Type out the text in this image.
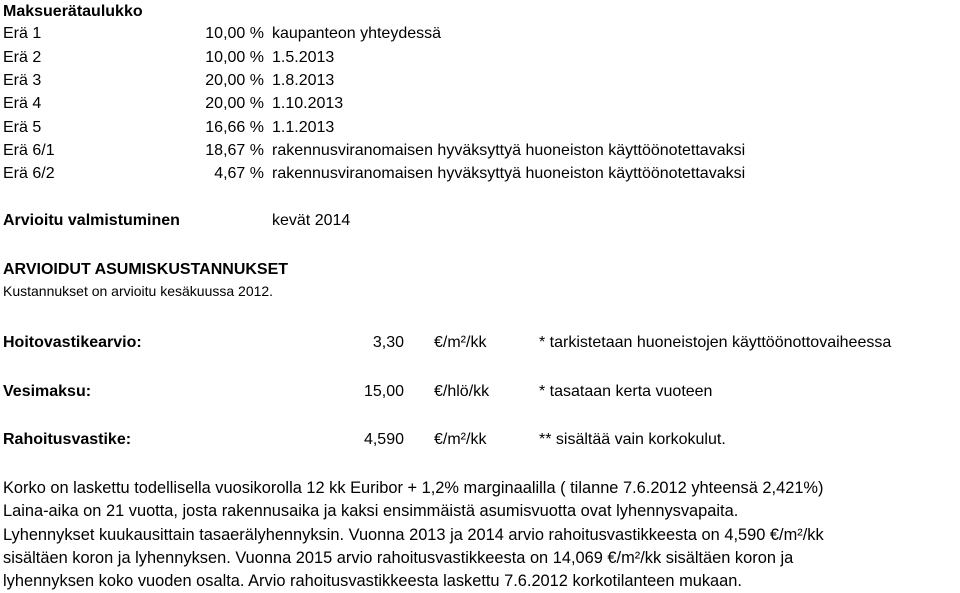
Maksuerätaulukko
Erä 1	10,00 % kaupanteon yhteydessä
Erä 2	10,00 % 1.5.2013
Erä 3	20,00 % 1.8.2013
Erä 4	20,00 % 1.10.2013
Erä 5	16,66 % 1.1.2013
Erä 6/1	18,67 % rakennusviranomaisen hyväksyttyä huoneiston käyttöönotettavaksi
Erä 6/2	4,67 % rakennusviranomaisen hyväksyttyä huoneiston käyttöönotettavaksi
Arvioitu valmistuminen	kevät 2014
ARVIOIDUT ASUMISKUSTANNUKSET
Kustannukset on arvioitu kesäkuussa 2012.
Hoitovastikearvio:	3,30 €/m²/kk	* tarkistetaan huoneistojen käyttöönottovaiheessa
Vesimaksu:	15,00 €/hlö/kk	* tasataan kerta vuoteen
Rahoitusvastike:	4,590 €/m²/kk	** sisältää vain korkokulut.
Korko on laskettu todellisella vuosikorolla 12 kk Euribor + 1,2% marginaalilla ( tilanne 7.6.2012 yhteensä 2,421%)
Laina-aika on 21 vuotta, josta rakennusaika ja kaksi ensimmäistä asumisvuotta ovat lyhennysvapaita.
Lyhennykset kuukausittain tasaerälyhennyksin. Vuonna 2013 ja 2014 arvio rahoitusvastikkeesta on 4,590 €/m²/kk
sisältäen koron ja lyhennyksen. Vuonna 2015 arvio rahoitusvastikkeesta on 14,069 €/m²/kk sisältäen koron ja
lyhennyksen koko vuoden osalta. Arvio rahoitusvastikkeesta laskettu 7.6.2012 korkotilanteen mukaan.
